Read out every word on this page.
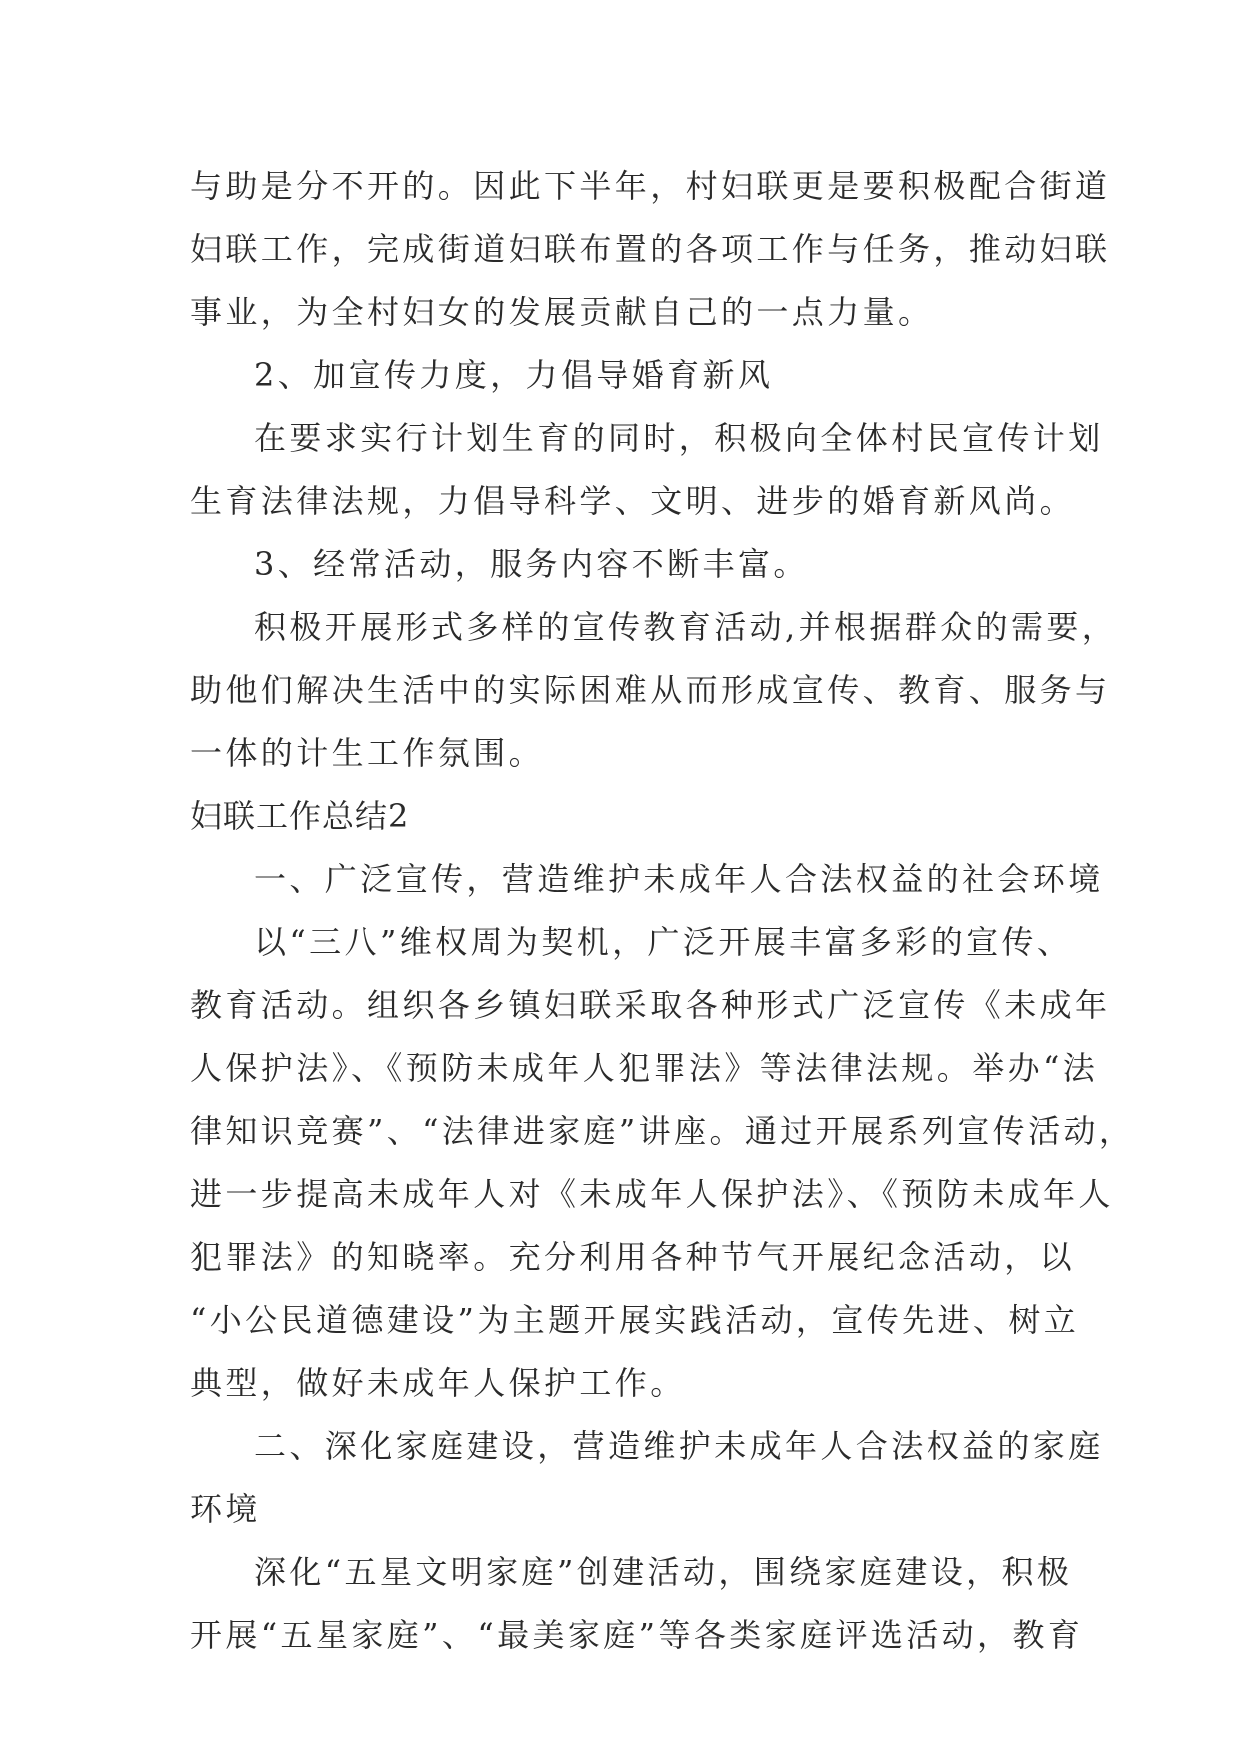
与助是分不开的。因此下半年，村妇联更是要积极配合街道

妇联工作，完成街道妇联布置的各项工作与任务，推动妇联

事业，为全村妇女的发展贡献自己的一点力量。

2、加宣传力度，力倡导婚育新风

在要求实行计划生育的同时，积极向全体村民宣传计划

生育法律法规，力倡导科学、文明、进步的婚育新风尚。

3、经常活动，服务内容不断丰富。

积极开展形式多样的宣传教育活动,并根据群众的需要，

助他们解决生活中的实际困难从而形成宣传、教育、服务与

一体的计生工作氛围。

妇联工作总结2

一、广泛宣传，营造维护未成年人合法权益的社会环境

以“三八”维权周为契机，广泛开展丰富多彩的宣传、

教育活动。组织各乡镇妇联采取各种形式广泛宣传《未成年

人保护法》、《预防未成年人犯罪法》等法律法规。举办“法

律知识竞赛”、“法律进家庭”讲座。通过开展系列宣传活动，

进一步提高未成年人对《未成年人保护法》、《预防未成年人

犯罪法》的知晓率。充分利用各种节气开展纪念活动，以

“小公民道德建设”为主题开展实践活动，宣传先进、树立

典型，做好未成年人保护工作。

二、深化家庭建设，营造维护未成年人合法权益的家庭

环境

深化“五星文明家庭”创建活动，围绕家庭建设，积极

开展“五星家庭”、“最美家庭”等各类家庭评选活动，教育
